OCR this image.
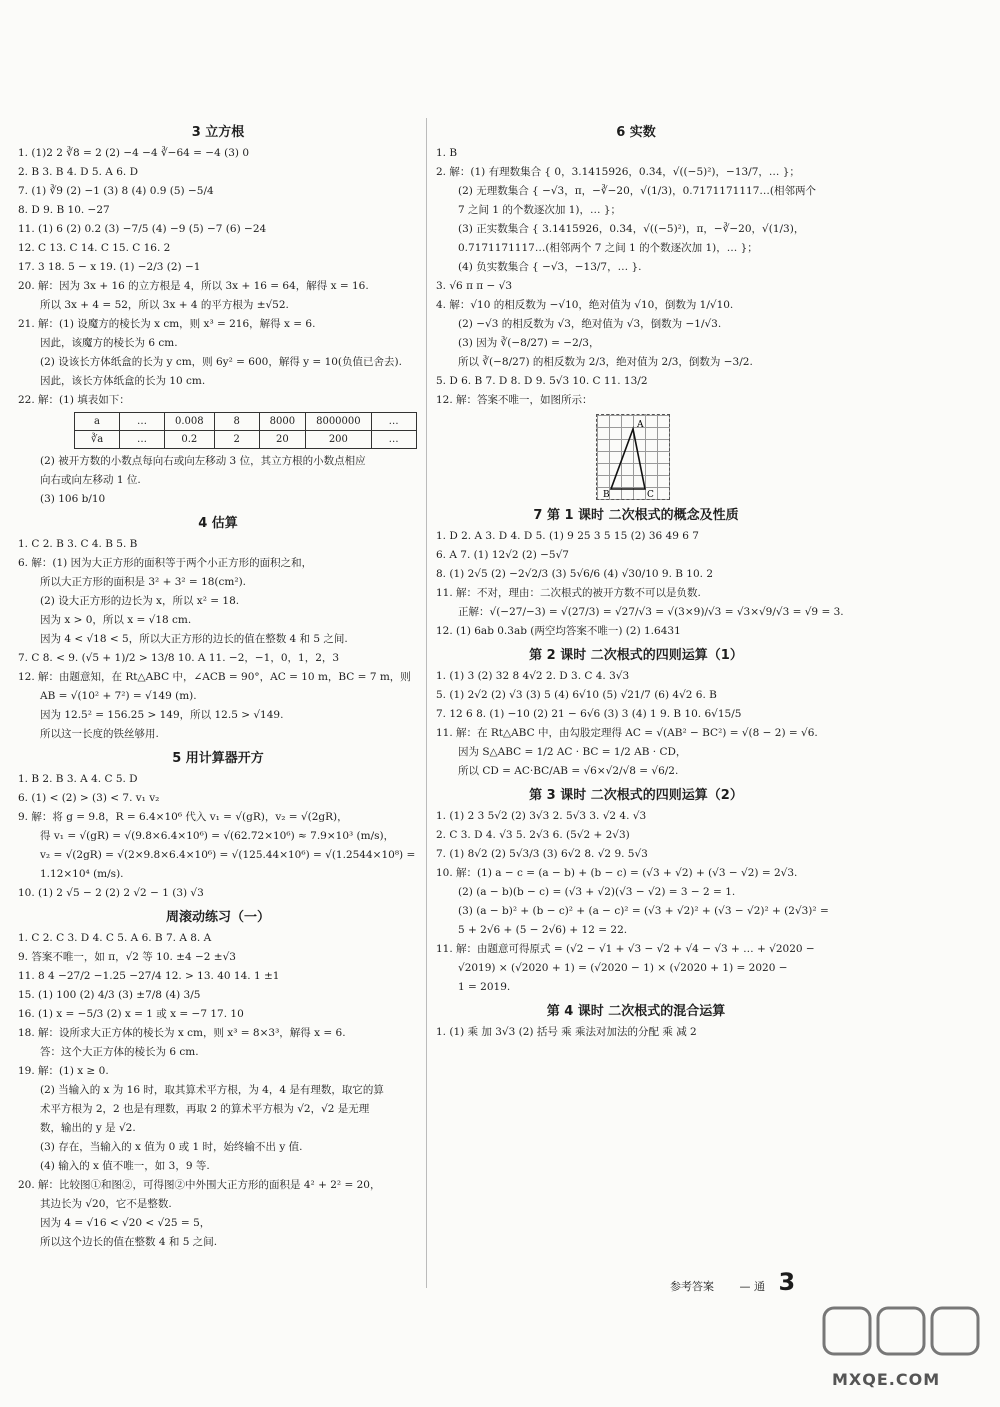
3 立方根
1. (1)2 2 ∛8 = 2 (2) −4 −4 ∛−64 = −4 (3) 0
2. B 3. B 4. D 5. A 6. D
7. (1) ∛9 (2) −1 (3) 8 (4) 0.9 (5) −5/4
8. D 9. B 10. −27
11. (1) 6 (2) 0.2 (3) −7/5 (4) −9 (5) −7 (6) −24
12. C 13. C 14. C 15. C 16. 2
17. 3 18. 5 − x 19. (1) −2/3 (2) −1
20. 解：因为 3x + 16 的立方根是 4，所以 3x + 16 = 64，解得 x = 16.
所以 3x + 4 = 52，所以 3x + 4 的平方根为 ±√52.
21. 解：(1) 设魔方的棱长为 x cm，则 x³ = 216，解得 x = 6.
因此，该魔方的棱长为 6 cm.
(2) 设该长方体纸盒的长为 y cm，则 6y² = 600，解得 y = 10(负值已舍去).
因此，该长方体纸盒的长为 10 cm.
22. 解：(1) 填表如下：
a	…	0.008	8	8000	8000000	…
∛a	…	0.2	2	20	200	…
(2) 被开方数的小数点每向右或向左移动 3 位，其立方根的小数点相应
向右或向左移动 1 位.
(3) 106 b/10
4 估算
1. C 2. B 3. C 4. B 5. B
6. 解：(1) 因为大正方形的面积等于两个小正方形的面积之和，
所以大正方形的面积是 3² + 3² = 18(cm²).
(2) 设大正方形的边长为 x，所以 x² = 18.
因为 x > 0，所以 x = √18 cm.
因为 4 < √18 < 5，所以大正方形的边长的值在整数 4 和 5 之间.
7. C 8. < 9. (√5 + 1)/2 > 13/8 10. A 11. −2，−1，0，1，2，3
12. 解：由题意知，在 Rt△ABC 中，∠ACB = 90°，AC = 10 m，BC = 7 m，则
AB = √(10² + 7²) = √149 (m).
因为 12.5² = 156.25 > 149，所以 12.5 > √149.
所以这一长度的铁丝够用.
5 用计算器开方
1. B 2. B 3. A 4. C 5. D
6. (1) < (2) > (3) < 7. v₁ v₂
9. 解：将 g = 9.8，R = 6.4×10⁶ 代入 v₁ = √(gR)，v₂ = √(2gR)，
得 v₁ = √(gR) = √(9.8×6.4×10⁶) = √(62.72×10⁶) ≈ 7.9×10³ (m/s)，
v₂ = √(2gR) = √(2×9.8×6.4×10⁶) = √(125.44×10⁶) = √(1.2544×10⁸) =
1.12×10⁴ (m/s).
10. (1) 2 √5 − 2 (2) 2 √2 − 1 (3) √3
周滚动练习（一）
1. C 2. C 3. D 4. C 5. A 6. B 7. A 8. A
9. 答案不唯一，如 π，√2 等 10. ±4 −2 ±√3
11. 8 4 −27/2 −1.25 −27/4 12. > 13. 40 14. 1 ±1
15. (1) 100 (2) 4/3 (3) ±7/8 (4) 3/5
16. (1) x = −5/3 (2) x = 1 或 x = −7 17. 10
18. 解：设所求大正方体的棱长为 x cm，则 x³ = 8×3³，解得 x = 6.
答：这个大正方体的棱长为 6 cm.
19. 解：(1) x ≥ 0.
(2) 当输入的 x 为 16 时，取其算术平方根，为 4，4 是有理数，取它的算
术平方根为 2，2 也是有理数，再取 2 的算术平方根为 √2，√2 是无理
数，输出的 y 是 √2.
(3) 存在，当输入的 x 值为 0 或 1 时，始终输不出 y 值.
(4) 输入的 x 值不唯一，如 3，9 等.
20. 解：比较图①和图②，可得图②中外围大正方形的面积是 4² + 2² = 20，
其边长为 √20，它不是整数.
因为 4 = √16 < √20 < √25 = 5，
所以这个边长的值在整数 4 和 5 之间.
6 实数
1. B
2. 解：(1) 有理数集合 { 0，3.1415926，0.3̇4̇，√((−5)²)，−13/7，… }；
(2) 无理数集合 { −√3，π，−∛−20，√(1/3)，0.7171171117…(相邻两个
7 之间 1 的个数逐次加 1)，… }；
(3) 正实数集合 { 3.1415926，0.3̇4̇，√((−5)²)，π，−∛−20，√(1/3)，
0.7171171117…(相邻两个 7 之间 1 的个数逐次加 1)，… }；
(4) 负实数集合 { −√3，−13/7，… }.
3. √6 π π − √3
4. 解：√10 的相反数为 −√10，绝对值为 √10，倒数为 1/√10.
(2) −√3 的相反数为 √3，绝对值为 √3，倒数为 −1/√3.
(3) 因为 ∛(−8/27) = −2/3，
所以 ∛(−8/27) 的相反数为 2/3，绝对值为 2/3，倒数为 −3/2.
5. D 6. B 7. D 8. D 9. 5√3 10. C 11. 13/2
12. 解：答案不唯一，如图所示：
A
B	C
7 第 1 课时 二次根式的概念及性质
1. D 2. A 3. D 4. D 5. (1) 9 25 3 5 15 (2) 36 49 6 7
6. A 7. (1) 12√2 (2) −5√7
8. (1) 2√5 (2) −2√2/3 (3) 5√6/6 (4) √30/10 9. B 10. 2
11. 解：不对，理由：二次根式的被开方数不可以是负数.
正解：√(−27/−3) = √(27/3) = √27/√3 = √(3×9)/√3 = √3×√9/√3 = √9 = 3.
12. (1) 6ab 0.3ab (两空均答案不唯一) (2) 1.6431
第 2 课时 二次根式的四则运算（1）
1. (1) 3 (2) 32 8 4√2 2. D 3. C 4. 3√3
5. (1) 2√2 (2) √3 (3) 5 (4) 6√10 (5) √21/7 (6) 4√2 6. B
7. 12 6 8. (1) −10 (2) 21 − 6√6 (3) 3 (4) 1 9. B 10. 6√15/5
11. 解：在 Rt△ABC 中，由勾股定理得 AC = √(AB² − BC²) = √(8 − 2) = √6.
因为 S△ABC = 1/2 AC · BC = 1/2 AB · CD，
所以 CD = AC·BC/AB = √6×√2/√8 = √6/2.
第 3 课时 二次根式的四则运算（2）
1. (1) 2 3 5√2 (2) 3√3 2. 5√3 3. √2 4. √3
2. C 3. D 4. √3 5. 2√3 6. (5√2 + 2√3)
7. (1) 8√2 (2) 5√3/3 (3) 6√2 8. √2 9. 5√3
10. 解：(1) a − c = (a − b) + (b − c) = (√3 + √2) + (√3 − √2) = 2√3.
(2) (a − b)(b − c) = (√3 + √2)(√3 − √2) = 3 − 2 = 1.
(3) (a − b)² + (b − c)² + (a − c)² = (√3 + √2)² + (√3 − √2)² + (2√3)² =
5 + 2√6 + (5 − 2√6) + 12 = 22.
11. 解：由题意可得原式 = (√2 − √1 + √3 − √2 + √4 − √3 + … + √2020 −
√2019) × (√2020 + 1) = (√2020 − 1) × (√2020 + 1) = 2020 −
1 = 2019.
第 4 课时 二次根式的混合运算
1. (1) 乘 加 3√3 (2) 括号 乘 乘法对加法的分配 乘 减 2
参考答案 — 通 3
MXQE.COM
